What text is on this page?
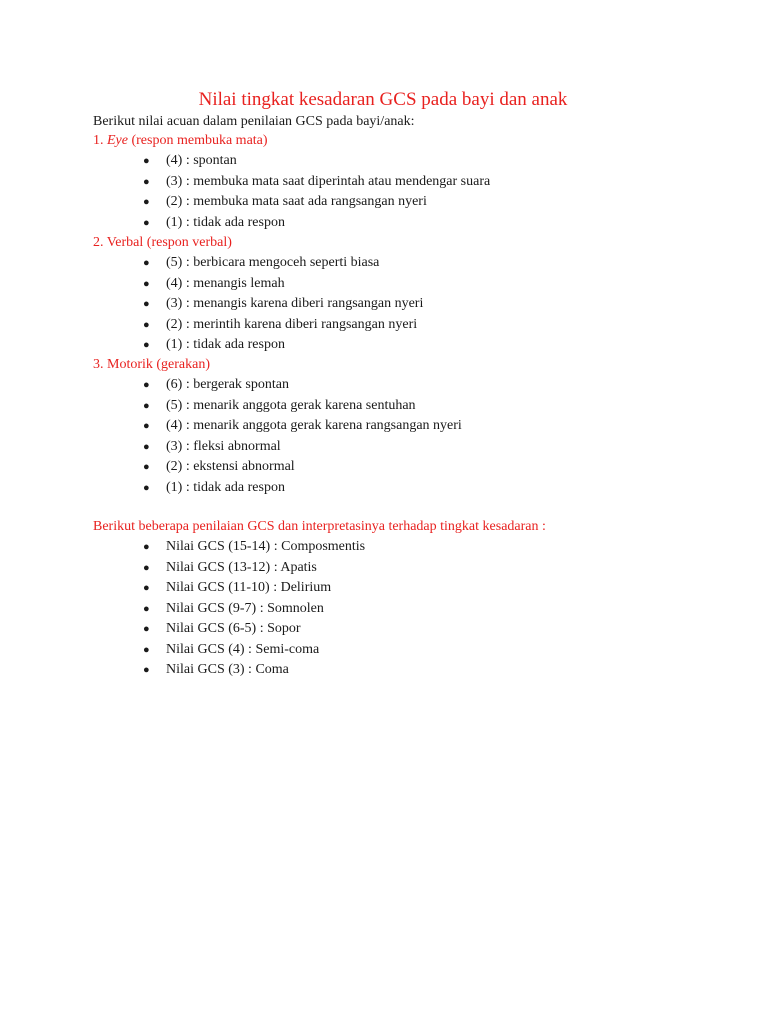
Nilai tingkat kesadaran GCS pada bayi dan anak

Berikut nilai acuan dalam penilaian GCS pada bayi/anak:

1. Eye (respon membuka mata)

● (4) : spontan
● (3) : membuka mata saat diperintah atau mendengar suara
● (2) : membuka mata saat ada rangsangan nyeri
● (1) : tidak ada respon

2. Verbal (respon verbal)

● (5) : berbicara mengoceh seperti biasa
● (4) : menangis lemah
● (3) : menangis karena diberi rangsangan nyeri
● (2) : merintih karena diberi rangsangan nyeri
● (1) : tidak ada respon

3. Motorik (gerakan)

● (6) : bergerak spontan
● (5) : menarik anggota gerak karena sentuhan
● (4) : menarik anggota gerak karena rangsangan nyeri
● (3) : fleksi abnormal
● (2) : ekstensi abnormal
● (1) : tidak ada respon

Berikut beberapa penilaian GCS dan interpretasinya terhadap tingkat kesadaran :

● Nilai GCS (15-14) : Composmentis
● Nilai GCS (13-12) : Apatis
● Nilai GCS (11-10) : Delirium
● Nilai GCS (9-7) : Somnolen
● Nilai GCS (6-5) : Sopor
● Nilai GCS (4) : Semi-coma
● Nilai GCS (3) : Coma
